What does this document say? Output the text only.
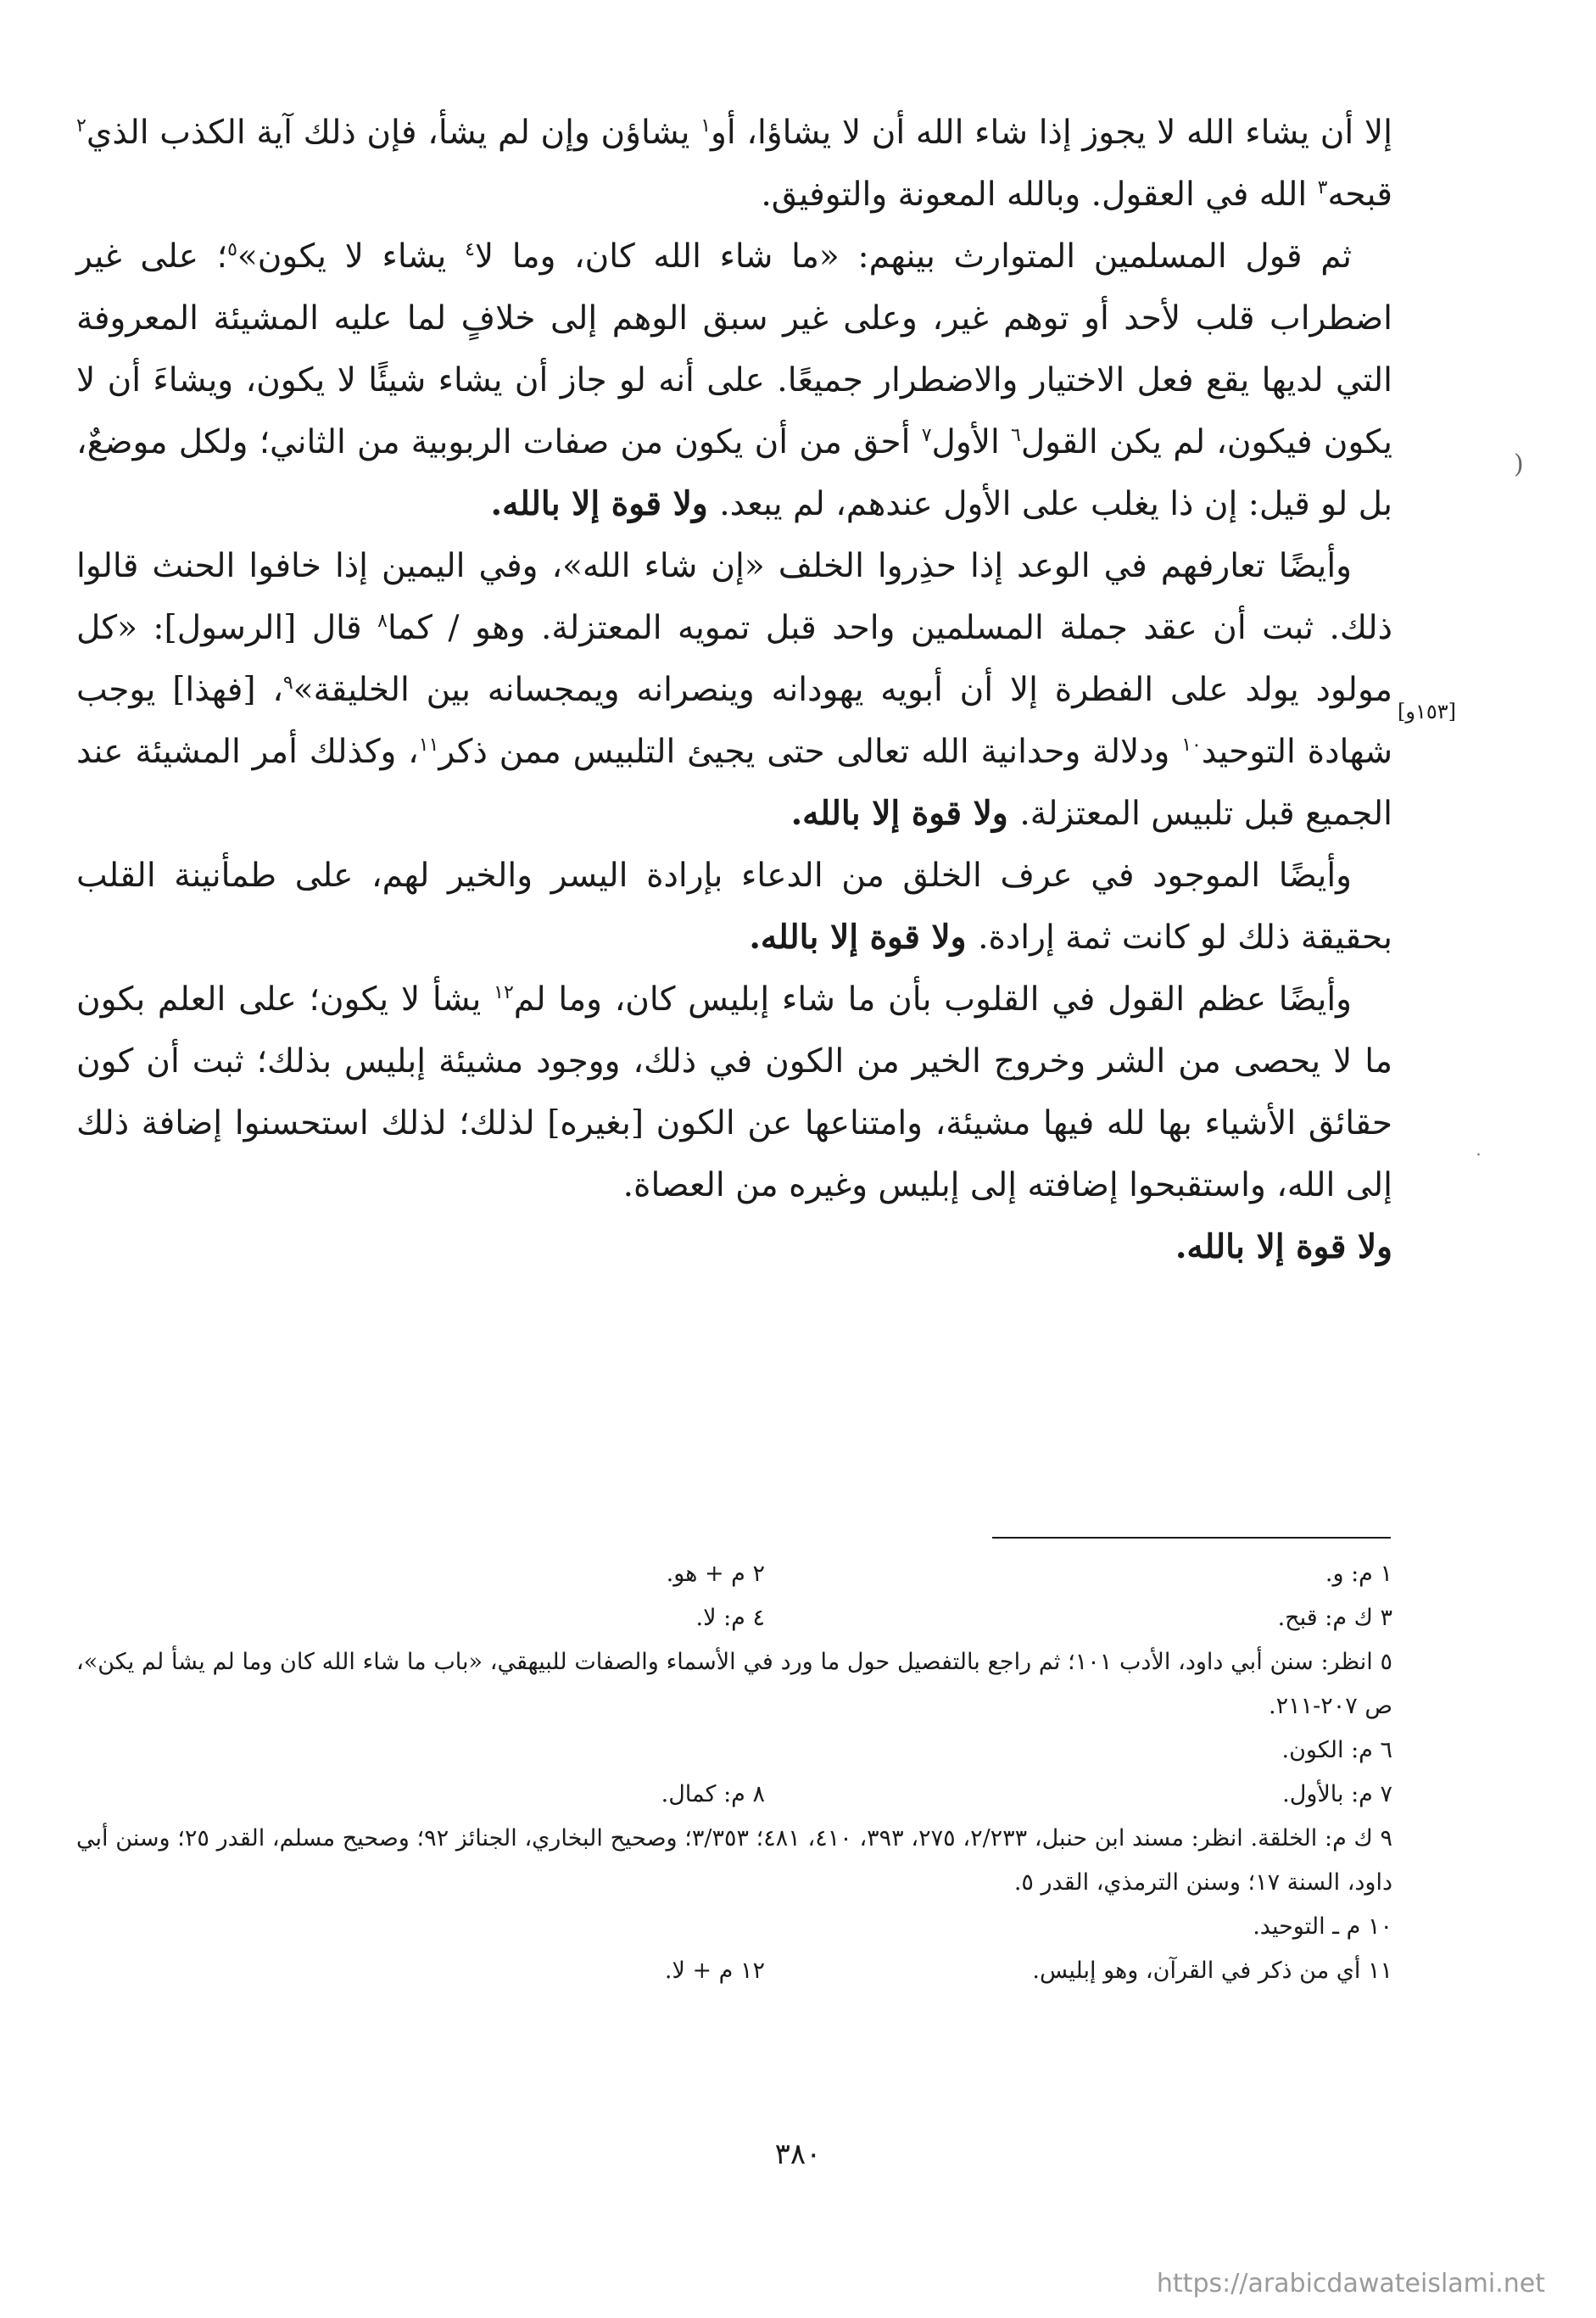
إلا أن يشاء الله لا يجوز إذا شاء الله أن لا يشاؤا، أو$^١$ يشاؤن وإن لم يشأ، فإن ذلك آية الكذب الذي$^٢$ قبحه$^٣$ الله في العقول. وبالله المعونة والتوفيق.

ثم قول المسلمين المتوارث بينهم: «ما شاء الله كان، وما لا$^٤$ يشاء لا يكون»$^٥$؛ على غير اضطراب قلب لأحد أو توهم غير، وعلى غير سبق الوهم إلى خلافٍ لما عليه المشيئة المعروفة التي لديها يقع فعل الاختيار والاضطرار جميعًا. على أنه لو جاز أن يشاء شيئًا لا يكون، ويشاءَ أن لا يكون فيكون، لم يكن القول$^٦$ الأول$^٧$ أحق من أن يكون من صفات الربوبية من الثاني؛ ولكل موضعٌ، بل لو قيل: إن ذا يغلب على الأول عندهم، لم يبعد. ولا قوة إلا بالله.

وأيضًا تعارفهم في الوعد إذا حذِروا الخلف «إن شاء الله»، وفي اليمين إذا خافوا الحنث قالوا ذلك. ثبت أن عقد جملة المسلمين واحد قبل تمويه المعتزلة. وهو / كما$^٨$ قال [الرسول]: «كل مولود يولد على الفطرة إلا أن أبويه يهودانه وينصرانه ويمجسانه بين الخليقة»$^٩$، [فهذا] يوجب شهادة التوحيد$^{١٠}$ ودلالة وحدانية الله تعالى حتى يجيئ التلبيس ممن ذكر$^{١١}$، وكذلك أمر المشيئة عند الجميع قبل تلبيس المعتزلة. ولا قوة إلا بالله.

وأيضًا الموجود في عرف الخلق من الدعاء بإرادة اليسر والخير لهم، على طمأنينة القلب بحقيقة ذلك لو كانت ثمة إرادة. ولا قوة إلا بالله.

وأيضًا عظم القول في القلوب بأن ما شاء إبليس كان، وما لم$^{١٢}$ يشأ لا يكون؛ على العلم بكون ما لا يحصى من الشر وخروج الخير من الكون في ذلك، ووجود مشيئة إبليس بذلك؛ ثبت أن كون حقائق الأشياء بها لله فيها مشيئة، وامتناعها عن الكون [بغيره] لذلك؛ لذلك استحسنوا إضافة ذلك إلى الله، واستقبحوا إضافته إلى إبليس وغيره من العصاة.

ولا قوة إلا بالله.

[١٥٣و]
(
·
١ م: و.
٢ م + هو.
٣ ك م: قبح.
٤ م: لا.
٥ انظر: سنن أبي داود، الأدب ١٠١؛ ثم راجع بالتفصيل حول ما ورد في الأسماء والصفات للبيهقي، «باب ما شاء الله كان وما لم يشأ لم يكن»، ص ٢٠٧-٢١١.
٦ م: الكون.
٧ م: بالأول.
٨ م: كمال.
٩ ك م: الخلقة. انظر: مسند ابن حنبل، ٢/٢٣٣، ٢٧٥، ٣٩٣، ٤١٠، ٤٨١؛ ٣/٣٥٣؛ وصحيح البخاري، الجنائز ٩٢؛ وصحيح مسلم، القدر ٢٥؛ وسنن أبي داود، السنة ١٧؛ وسنن الترمذي، القدر ٥.
١٠ م ـ التوحيد.
١١ أي من ذكر في القرآن، وهو إبليس.
١٢ م + لا.
٣٨٠
https://arabicdawateislami.net
